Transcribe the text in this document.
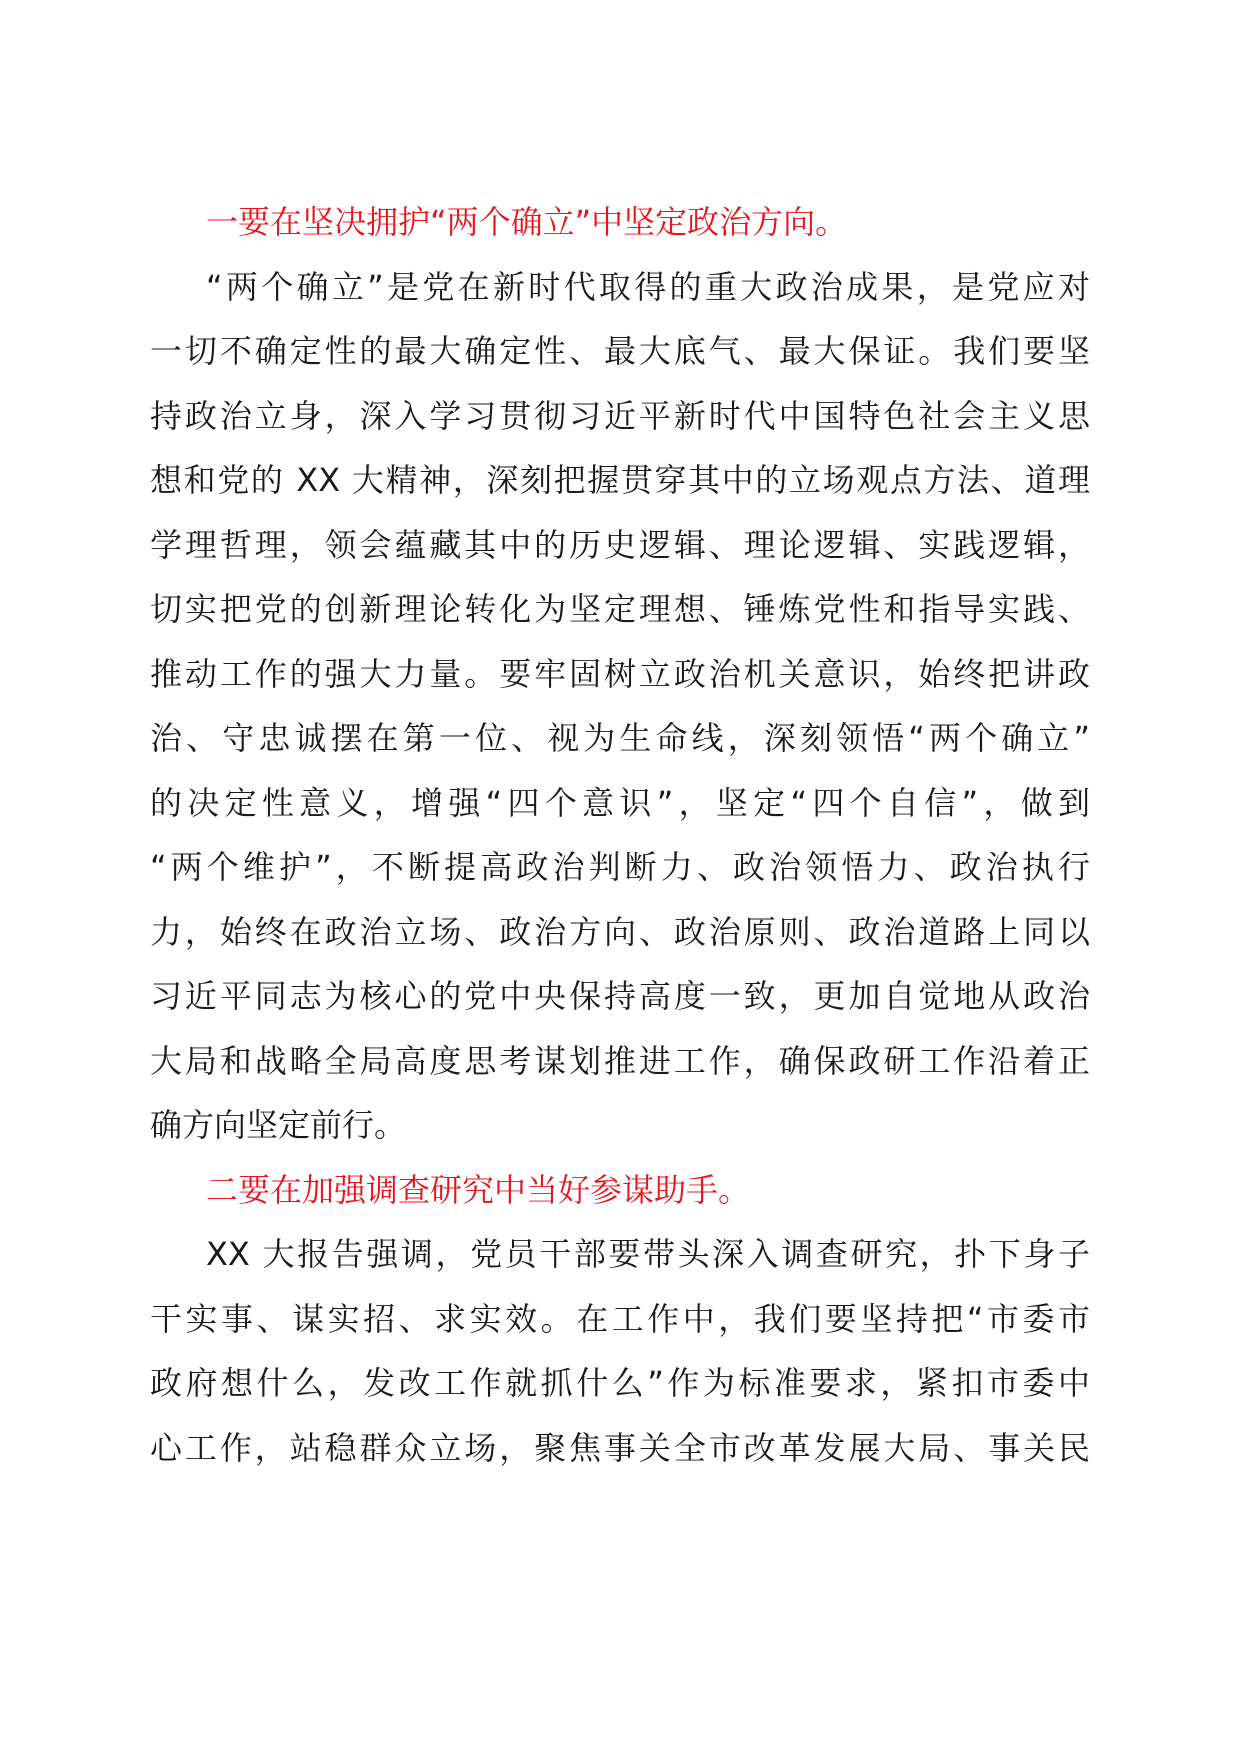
一要在坚决拥护“两个确立”中坚定政治方向。
“两个确立”是党在新时代取得的重大政治成果，是党应对
一切不确定性的最大确定性、最大底气、最大保证。我们要坚
持政治立身，深入学习贯彻习近平新时代中国特色社会主义思
想和党的 XX 大精神，深刻把握贯穿其中的立场观点方法、道理
学理哲理，领会蕴藏其中的历史逻辑、理论逻辑、实践逻辑，
切实把党的创新理论转化为坚定理想、锤炼党性和指导实践、
推动工作的强大力量。要牢固树立政治机关意识，始终把讲政
治、守忠诚摆在第一位、视为生命线，深刻领悟“两个确立”
的决定性意义，增强“四个意识”，坚定“四个自信”，做到
“两个维护”，不断提高政治判断力、政治领悟力、政治执行
力，始终在政治立场、政治方向、政治原则、政治道路上同以
习近平同志为核心的党中央保持高度一致，更加自觉地从政治
大局和战略全局高度思考谋划推进工作，确保政研工作沿着正
确方向坚定前行。
二要在加强调查研究中当好参谋助手。
XX 大报告强调，党员干部要带头深入调查研究，扑下身子
干实事、谋实招、求实效。在工作中，我们要坚持把“市委市
政府想什么，发改工作就抓什么”作为标准要求，紧扣市委中
心工作，站稳群众立场，聚焦事关全市改革发展大局、事关民
